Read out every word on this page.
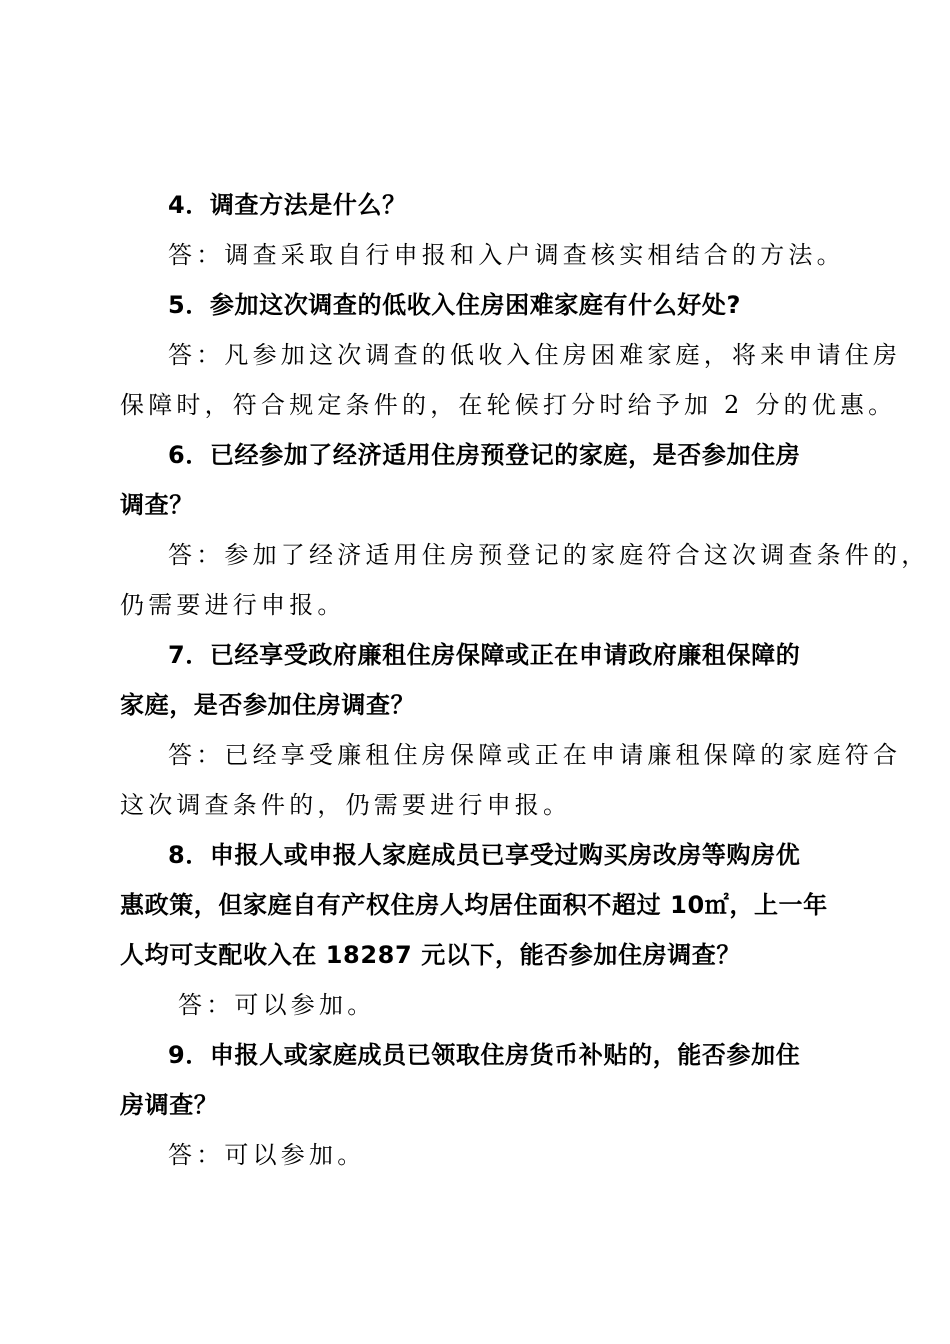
4．调查方法是什么？
答：调查采取自行申报和入户调查核实相结合的方法。
5．参加这次调查的低收入住房困难家庭有什么好处?
答：凡参加这次调查的低收入住房困难家庭，将来申请住房
保障时，符合规定条件的，在轮候打分时给予加 2 分的优惠。
6．已经参加了经济适用住房预登记的家庭，是否参加住房
调查？
答：参加了经济适用住房预登记的家庭符合这次调查条件的，
仍需要进行申报。
7．已经享受政府廉租住房保障或正在申请政府廉租保障的
家庭，是否参加住房调查？
答：已经享受廉租住房保障或正在申请廉租保障的家庭符合
这次调查条件的，仍需要进行申报。
8．申报人或申报人家庭成员已享受过购买房改房等购房优
惠政策，但家庭自有产权住房人均居住面积不超过 10㎡，上一年
人均可支配收入在 18287 元以下，能否参加住房调查？
答：可以参加。
9．申报人或家庭成员已领取住房货币补贴的，能否参加住
房调查？
答：可以参加。
